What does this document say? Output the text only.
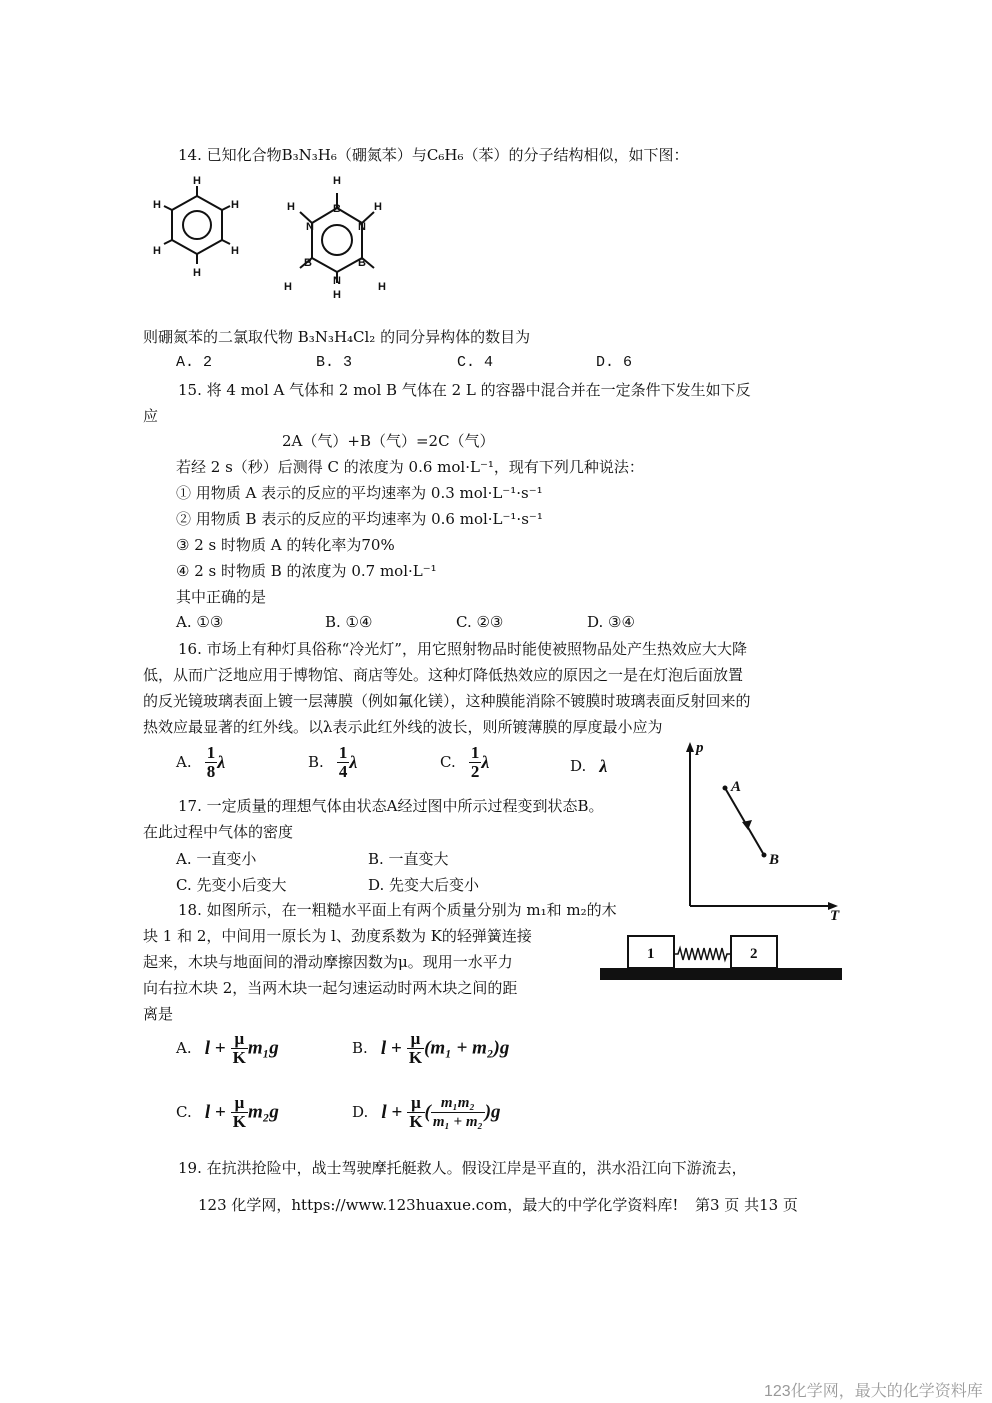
14. 已知化合物B₃N₃H₆（硼氮苯）与C₆H₆（苯）的分子结构相似，如下图：
H
H
H
H
H
H
H
B	H
N
N
H
B
B
H
N
H
H
则硼氮苯的二氯取代物 B₃N₃H₄Cl₂ 的同分异构体的数目为
A. 2	B. 3	C. 4	D. 6
15. 将 4 mol A 气体和 2 mol B 气体在 2 L 的容器中混合并在一定条件下发生如下反
应
2A（气）+B（气）=2C（气）
若经 2 s（秒）后测得 C 的浓度为 0.6 mol·L⁻¹，现有下列几种说法：
① 用物质 A 表示的反应的平均速率为 0.3 mol·L⁻¹·s⁻¹
② 用物质 B 表示的反应的平均速率为 0.6 mol·L⁻¹·s⁻¹
③ 2 s 时物质 A 的转化率为70%
④ 2 s 时物质 B 的浓度为 0.7 mol·L⁻¹
其中正确的是
A. ①③	B. ①④	C. ②③	D. ③④
16. 市场上有种灯具俗称“冷光灯”，用它照射物品时能使被照物品处产生热效应大大降
低，从而广泛地应用于博物馆、商店等处。这种灯降低热效应的原因之一是在灯泡后面放置
的反光镜玻璃表面上镀一层薄膜（例如氟化镁），这种膜能消除不镀膜时玻璃表面反射回来的
热效应最显著的红外线。以λ表示此红外线的波长，则所镀薄膜的厚度最小应为
A. $\frac{1}{8}$ λ	B. $\frac{1}{4}$ λ	C. $\frac{1}{2}$ λ	D. λ
p
T
A
B
17. 一定质量的理想气体由状态A经过图中所示过程变到状态B。
在此过程中气体的密度
A. 一直变小	B. 一直变大
C. 先变小后变大	D. 先变大后变小
18. 如图所示，在一粗糙水平面上有两个质量分别为 m₁和 m₂的木
块 1 和 2，中间用一原长为 l、劲度系数为 K的轻弹簧连接
起来，木块与地面间的滑动摩擦因数为μ。现用一水平力
向右拉木块 2，当两木块一起匀速运动时两木块之间的距
离是
1	2
A. $l + \frac{\mu}{K} m_1g$	B. $l + \frac{\mu}{K} (m_1 + m_2)g$
C. $l + \frac{\mu}{K} m_2g$	D. $l + \frac{\mu}{K}$ ( $\frac{\text{m₁m₂}}{\text{m₁ + m₂}} )g$
19. 在抗洪抢险中，战士驾驶摩托艇救人。假设江岸是平直的，洪水沿江向下游流去，
123 化学网，https://www.123huaxue.com，最大的中学化学资料库! 第3 页 共13 页
123化学网，最大的化学资料库
